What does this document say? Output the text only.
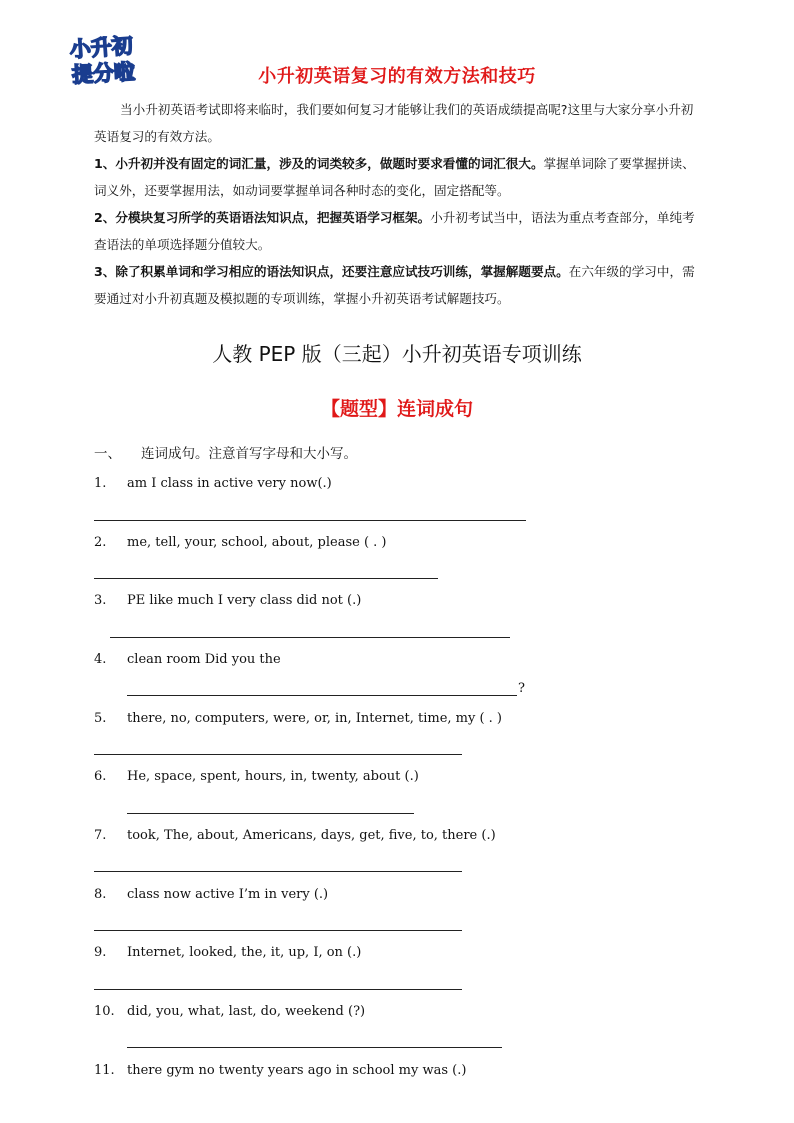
小升初
提分啦	小升初英语复习的有效方法和技巧

当小升初英语考试即将来临时，我们要如何复习才能够让我们的英语成绩提高呢?这里与大家分享小升初英语复习的有效方法。

1、小升初并没有固定的词汇量，涉及的词类较多，做题时要求看懂的词汇很大。掌握单词除了要掌握拼读、词义外，还要掌握用法，如动词要掌握单词各种时态的变化，固定搭配等。

2、分模块复习所学的英语语法知识点，把握英语学习框架。小升初考试当中，语法为重点考查部分，单纯考查语法的单项选择题分值较大。

3、除了积累单词和学习相应的语法知识点，还要注意应试技巧训练，掌握解题要点。在六年级的学习中，需要通过对小升初真题及模拟题的专项训练，掌握小升初英语考试解题技巧。

人教 PEP 版（三起）小升初英语专项训练
【题型】连词成句
一、 连词成句。注意首写字母和大小写。
1. am I class in active very now(.)
2. me, tell, your, school, about, please ( . )
3. PE like much I very class did not (.)
4. clean room Did you the
?
5. there, no, computers, were, or, in, Internet, time, my ( . )
6. He, space, spent, hours, in, twenty, about (.)
7. took, The, about, Americans, days, get, five, to, there (.)
8. class now active I’m in very (.)
9. Internet, looked, the, it, up, I, on (.)
10. did, you, what, last, do, weekend (?)
11. there gym no twenty years ago in school my was (.)
